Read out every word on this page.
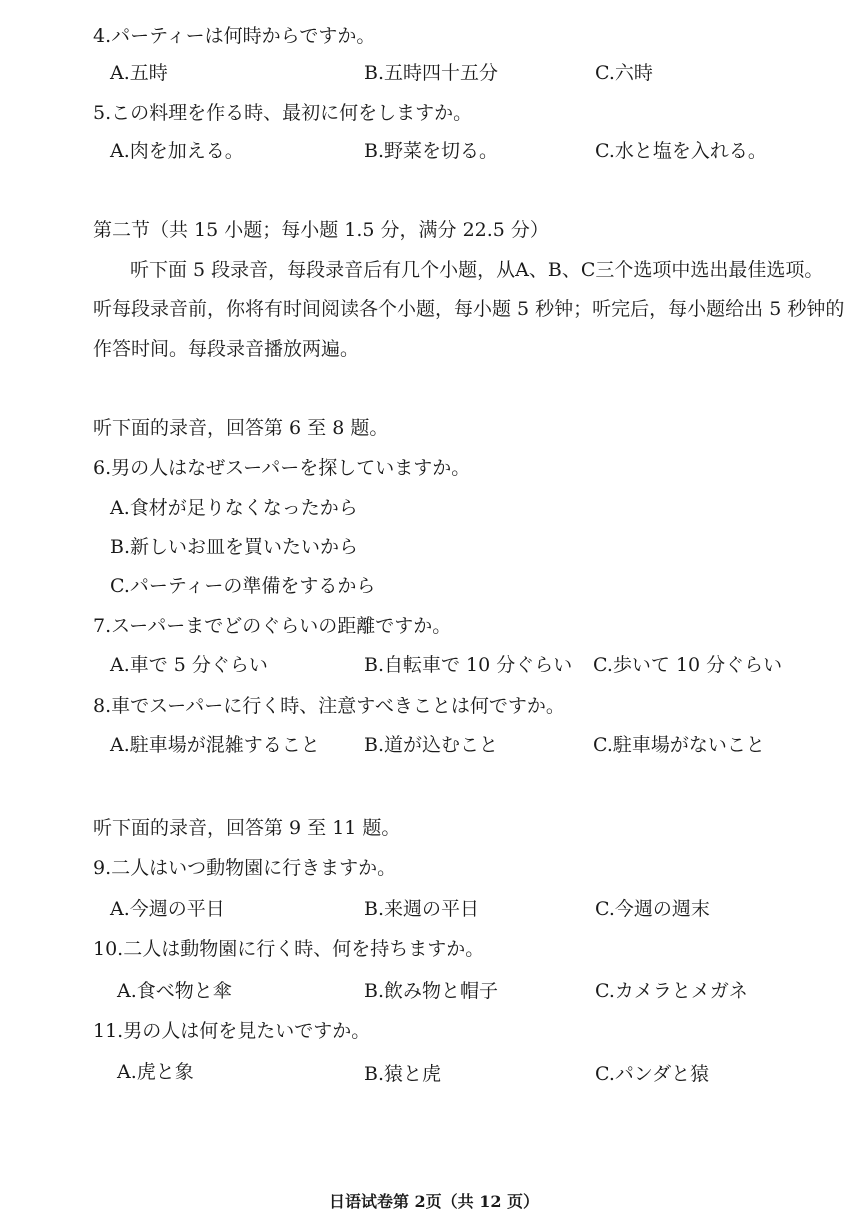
4.パーティーは何時からですか。
A.五時	B.五時四十五分	C.六時
5.この料理を作る時、最初に何をしますか。
A.肉を加える。	B.野菜を切る。	C.水と塩を入れる。
第二节（共 15 小题；每小题 1.5 分，满分 22.5 分）
听下面 5 段录音，每段录音后有几个小题，从A、B、C三个选项中选出最佳选项。
听每段录音前，你将有时间阅读各个小题，每小题 5 秒钟；听完后，每小题给出 5 秒钟的
作答时间。每段录音播放两遍。
听下面的录音，回答第 6 至 8 题。
6.男の人はなぜスーパーを探していますか。
A.食材が足りなくなったから
B.新しいお皿を買いたいから
C.パーティーの準備をするから
7.スーパーまでどのぐらいの距離ですか。
A.車で 5 分ぐらい	B.自転車で 10 分ぐらい C.歩いて 10 分ぐらい
8.車でスーパーに行く時、注意すべきことは何ですか。
A.駐車場が混雑すること B.道が込むこと	C.駐車場がないこと
听下面的录音，回答第 9 至 11 题。
9.二人はいつ動物園に行きますか。
A.今週の平日	B.来週の平日	C.今週の週末
10.二人は動物園に行く時、何を持ちますか。
A.食べ物と傘	B.飲み物と帽子	C.カメラとメガネ
11.男の人は何を見たいですか。
A.虎と象	B.猿と虎	C.パンダと猿
日语试卷第 2页（共 12 页）
